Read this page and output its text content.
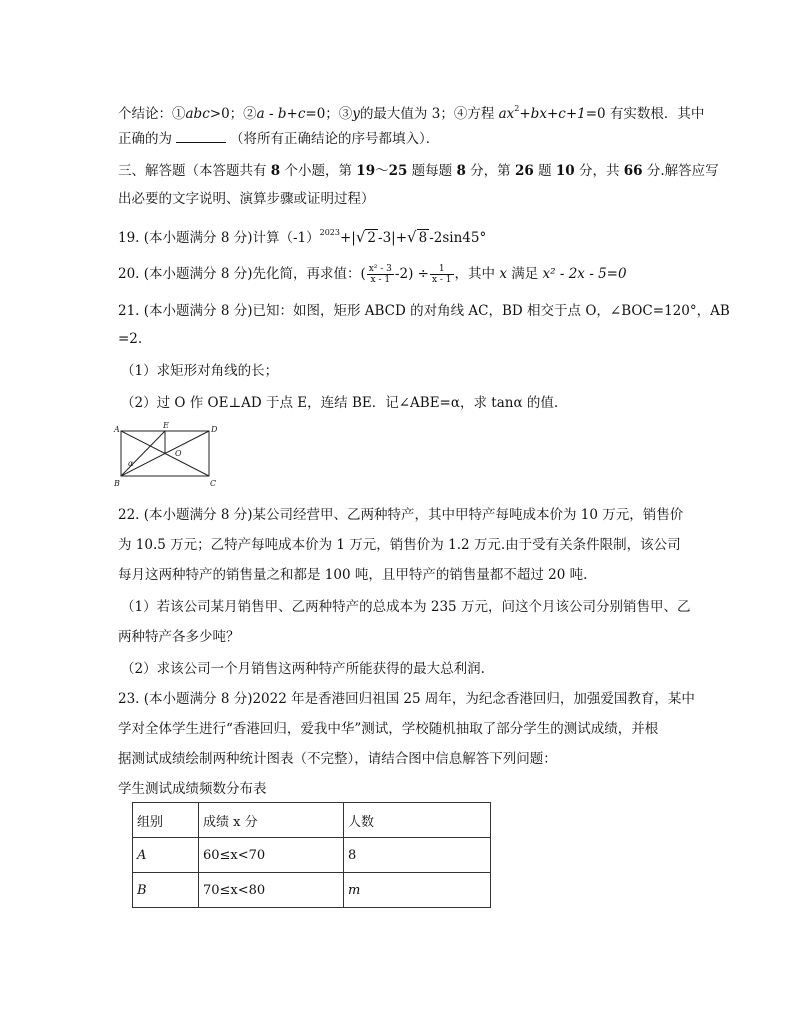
个结论：①abc>0；②a - b+c=0；③y的最大值为 3；④方程 $ax^2+bx+c+1=0$ 有实数根．其中
正确的为	（将所有正确结论的序号都填入）．
三、解答题（本答题共有 8 个小题，第 19～25 题每题 8 分，第 26 题 10 分，共 66 分.解答应写
出必要的文字说明、演算步骤或证明过程）
19. (本小题满分 8 分)计算$(-1)^{2023}+|√$ 2 -3|+√ 8 -2sin45°
20. (本小题满分 8 分)先化简，再求值：( $\frac{\text{x² - 3}}{x - 1} -2) \div \frac{1}{x - 1}$ ，其中 x 满足 x² - 2x - 5=0
21. (本小题满分 8 分)已知：如图，矩形 ABCD 的对角线 AC，BD 相交于点 O，∠BOC=120°，AB
=2.
（1）求矩形对角线的长；
（2）过 O 作 OE⊥AD 于点 E，连结 BE．记∠ABE=α，求 tanα 的值.
A
B	C
D
E
O
α
22. (本小题满分 8 分)某公司经营甲、乙两种特产，其中甲特产每吨成本价为 10 万元，销售价
为 10.5 万元；乙特产每吨成本价为 1 万元，销售价为 1.2 万元.由于受有关条件限制，该公司
每月这两种特产的销售量之和都是 100 吨，且甲特产的销售量都不超过 20 吨.
（1）若该公司某月销售甲、乙两种特产的总成本为 235 万元，问这个月该公司分别销售甲、乙
两种特产各多少吨？
（2）求该公司一个月销售这两种特产所能获得的最大总利润.
23. (本小题满分 8 分)2022 年是香港回归祖国 25 周年，为纪念香港回归，加强爱国教育，某中
学对全体学生进行“香港回归，爱我中华”测试，学校随机抽取了部分学生的测试成绩，并根
据测试成绩绘制两种统计图表（不完整），请结合图中信息解答下列问题：
学生测试成绩频数分布表
组别	成绩 x 分	人数
A	60≤x<70	8
B	70≤x<80	m
